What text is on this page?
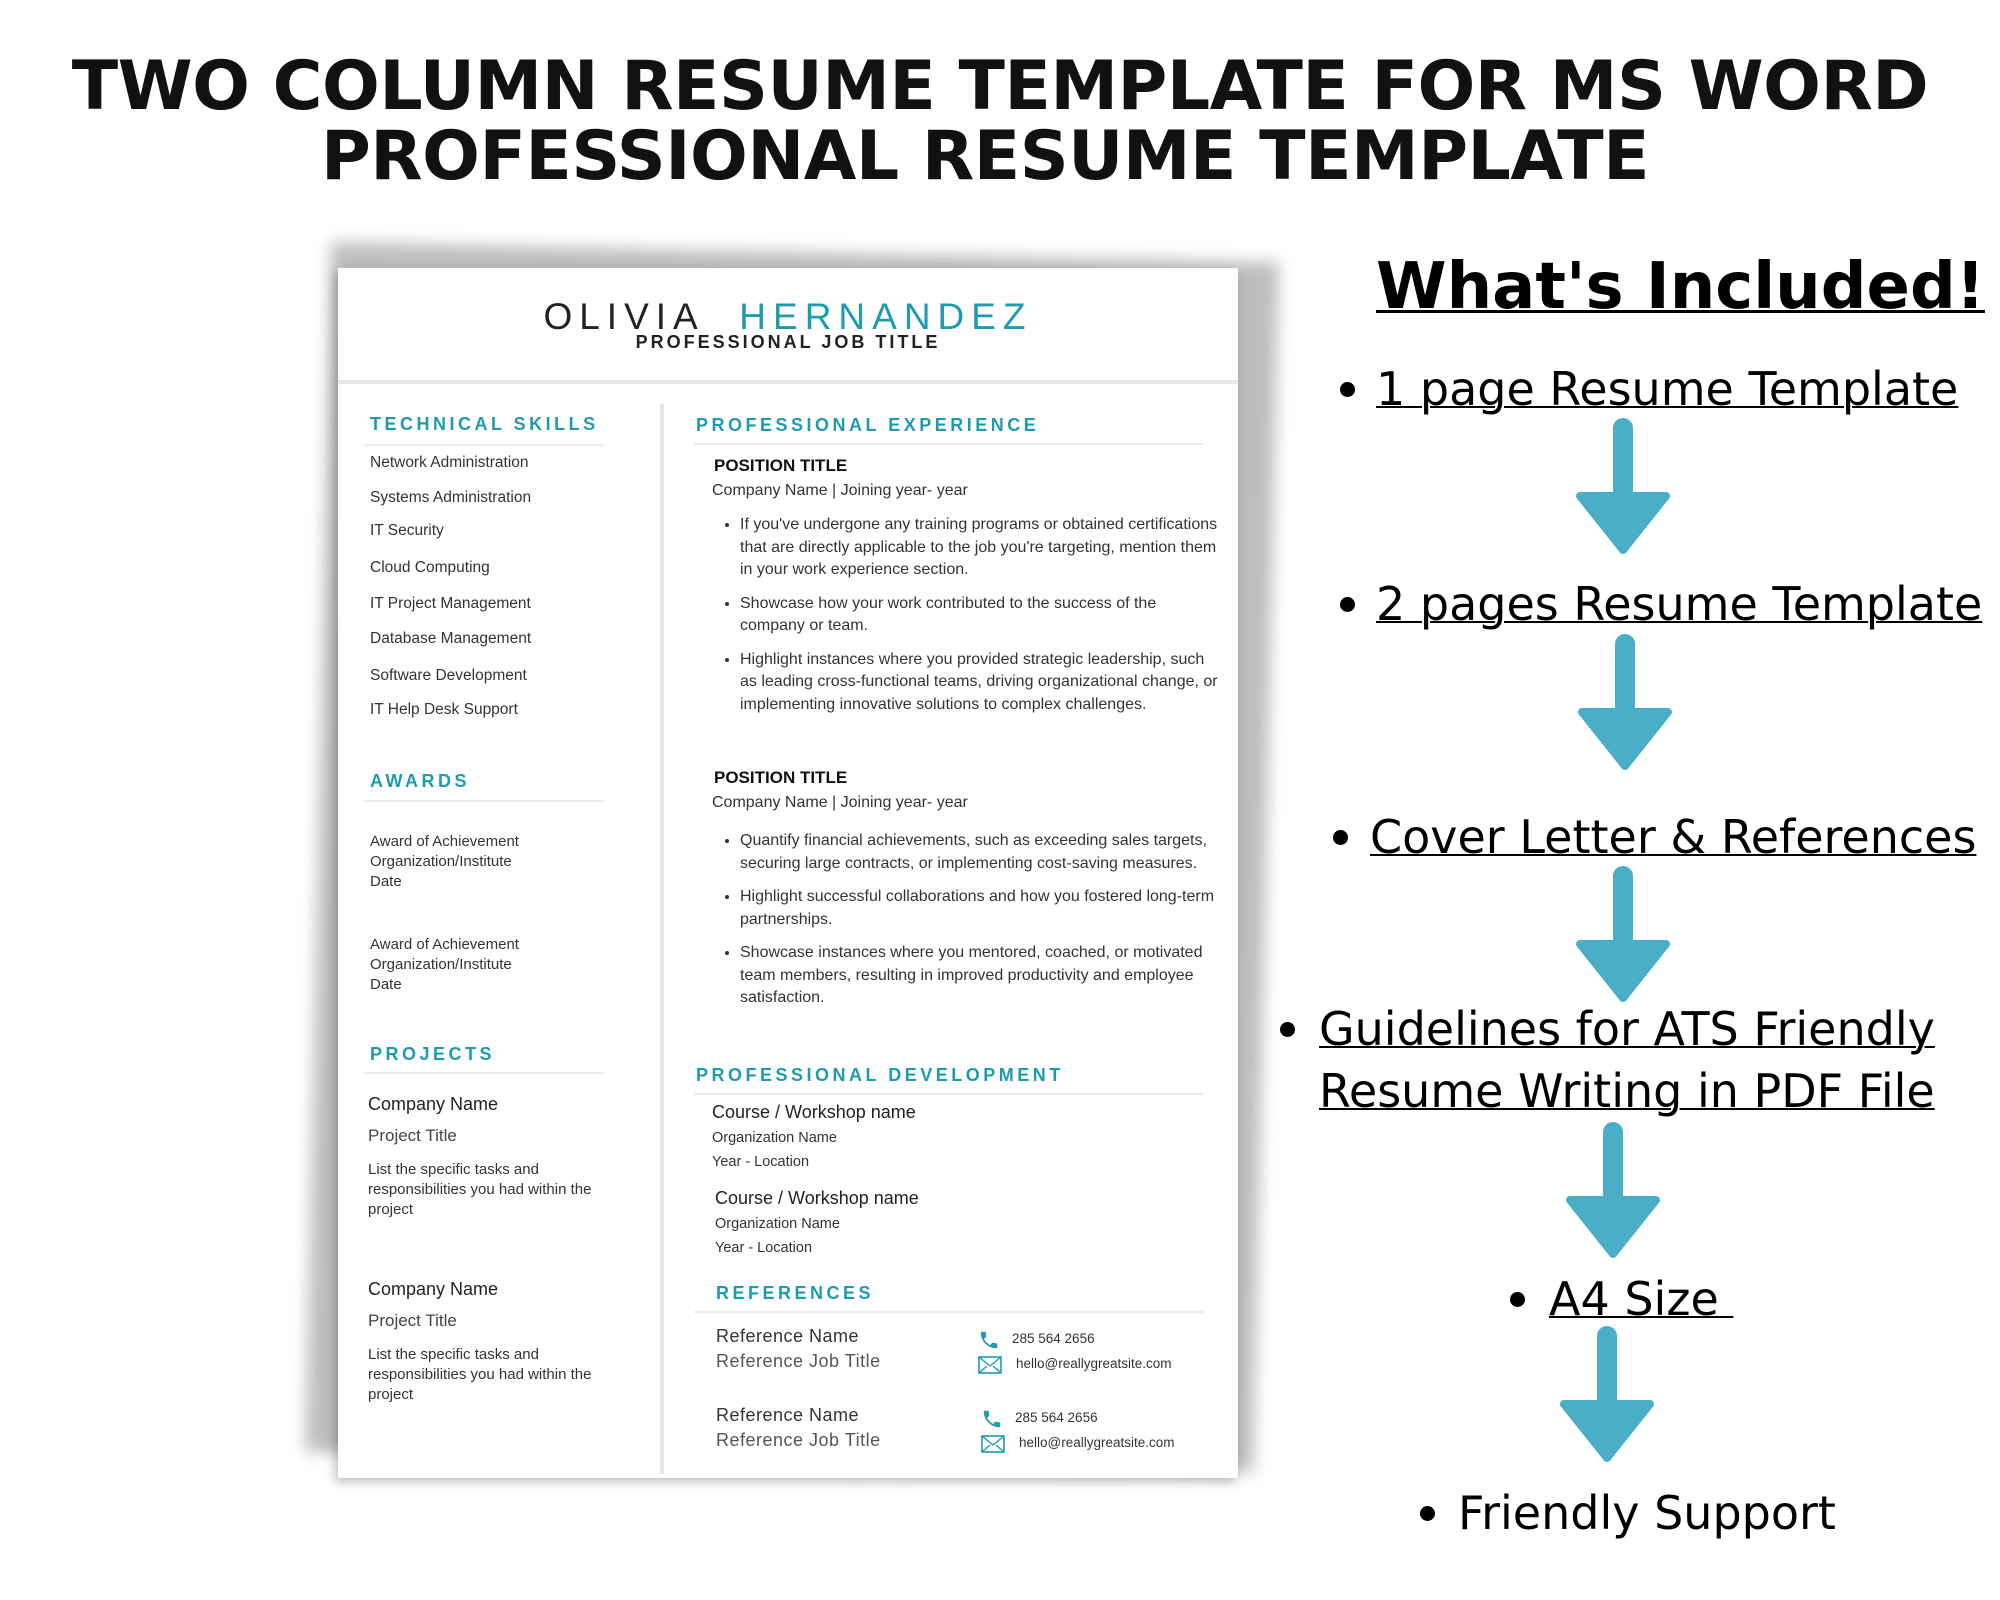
TWO COLUMN RESUME TEMPLATE FOR MS WORD
PROFESSIONAL RESUME TEMPLATE
OLIVIA HERNANDEZ
PROFESSIONAL JOB TITLE
TECHNICAL SKILLS
Network Administration
Systems Administration
IT Security
Cloud Computing
IT Project Management
Database Management
Software Development
IT Help Desk Support
AWARDS
Award of Achievement
Organization/Institute
Date
Award of Achievement
Organization/Institute
Date
PROJECTS
Company Name
Project Title
List the specific tasks and responsibilities you had within the project
Company Name
Project Title
List the specific tasks and responsibilities you had within the project
PROFESSIONAL EXPERIENCE
POSITION TITLE
Company Name | Joining year- year
• If you've undergone any training programs or obtained certifications that are directly applicable to the job you're targeting, mention them in your work experience section.
• Showcase how your work contributed to the success of the company or team.
• Highlight instances where you provided strategic leadership, such as leading cross-functional teams, driving organizational change, or implementing innovative solutions to complex challenges.
POSITION TITLE
Company Name | Joining year- year
• Quantify financial achievements, such as exceeding sales targets, securing large contracts, or implementing cost-saving measures.
• Highlight successful collaborations and how you fostered long-term partnerships.
• Showcase instances where you mentored, coached, or motivated team members, resulting in improved productivity and employee satisfaction.
PROFESSIONAL DEVELOPMENT
Course / Workshop name
Organization Name
Year - Location
Course / Workshop name
Organization Name
Year - Location
REFERENCES
Reference Name
Reference Job Title
285 564 2656
hello@reallygreatsite.com
Reference Name
Reference Job Title
285 564 2656
hello@reallygreatsite.com
What's Included!
1 page Resume Template
2 pages Resume Template
Cover Letter & References
Guidelines for ATS Friendly
Resume Writing in PDF File
A4 Size
Friendly Support
